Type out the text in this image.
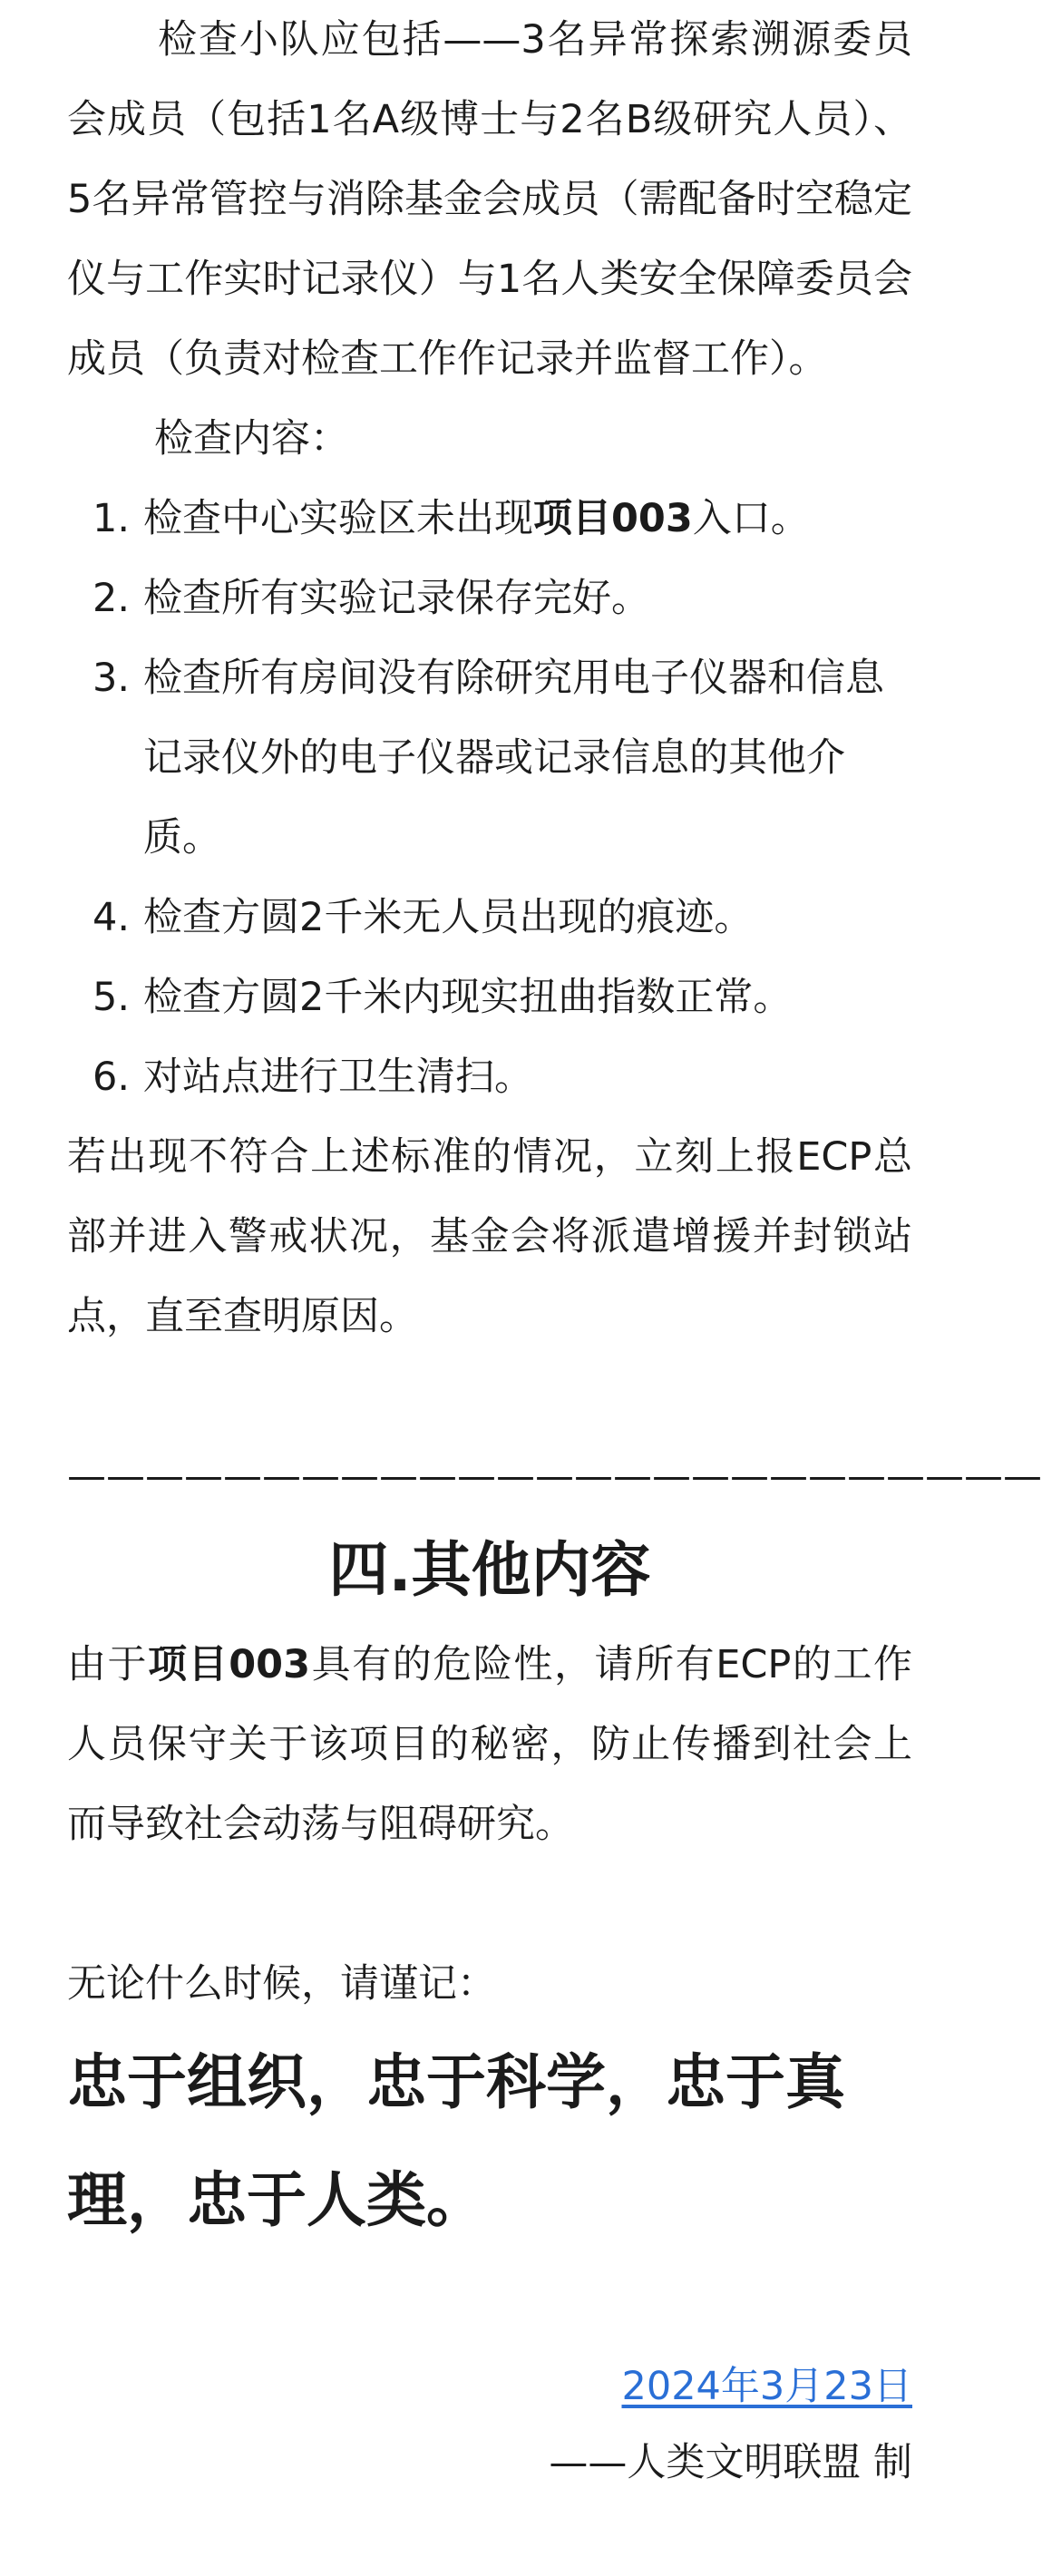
检查小队应包括——3名异常探索溯源委员会成员（包括1名A级博士与2名B级研究人员）、5名异常管控与消除基金会成员（需配备时空稳定仪与工作实时记录仪）与1名人类安全保障委员会成员（负责对检查工作作记录并监督工作）。

检查内容：

1. 检查中心实验区未出现项目003入口。
2. 检查所有实验记录保存完好。
3. 检查所有房间没有除研究用电子仪器和信息记录仪外的电子仪器或记录信息的其他介质。
4. 检查方圆2千米无人员出现的痕迹。
5. 检查方圆2千米内现实扭曲指数正常。
6. 对站点进行卫生清扫。

若出现不符合上述标准的情况，立刻上报ECP总部并进入警戒状况，基金会将派遣增援并封锁站点，直至查明原因。

—————————————————————————
四.其他内容

由于项目003具有的危险性，请所有ECP的工作人员保守关于该项目的秘密，防止传播到社会上而导致社会动荡与阻碍研究。

无论什么时候，请谨记：

忠于组织，忠于科学，忠于真理，忠于人类。

2024年3月23日
——人类文明联盟 制
